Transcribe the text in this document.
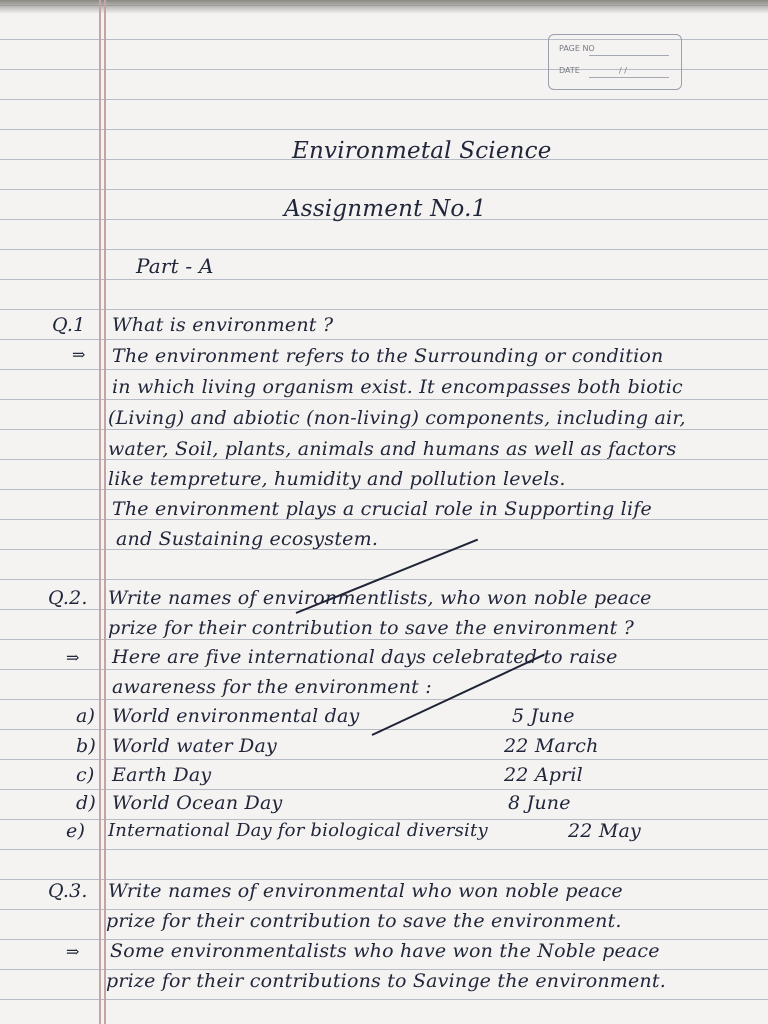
PAGE NO
DATE	/ /
Environmetal Science
Assignment No.1
Part - A
Q.1 What is environment ?
⇒ The environment refers to the Surrounding or condition
in which living organism exist. It encompasses both biotic
(Living) and abiotic (non-living) components, including air,
water, Soil, plants, animals and humans as well as factors
like tempreture, humidity and pollution levels.
The environment plays a crucial role in Supporting life
and Sustaining ecosystem.
Q.2. Write names of environmentlists, who won noble peace
prize for their contribution to save the environment ?
⇒ Here are five international days celebrated to raise
awareness for the environment :
a) World environmental day	5 June
b) World water Day	22 March
c) Earth Day	22 April
d) World Ocean Day	8 June
e) International Day for biological diversity	22 May
Q.3. Write names of environmental who won noble peace
prize for their contribution to save the environment.
⇒ Some environmentalists who have won the Noble peace
prize for their contributions to Savinge the environment.
